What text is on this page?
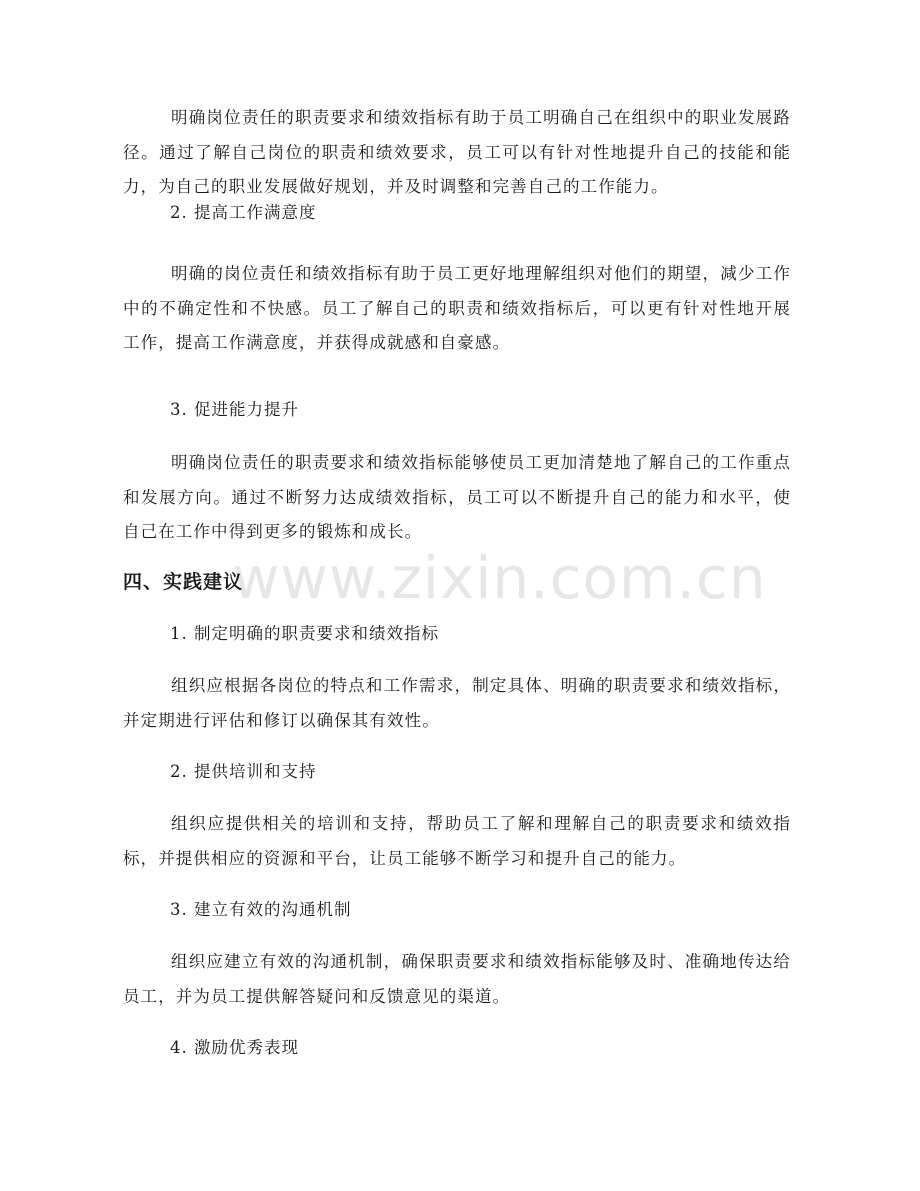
www.zixin.com.cn

明确岗位责任的职责要求和绩效指标有助于员工明确自己在组织中的职业发展路径。通过了解自己岗位的职责和绩效要求，员工可以有针对性地提升自己的技能和能力，为自己的职业发展做好规划，并及时调整和完善自己的工作能力。

2. 提高工作满意度

明确的岗位责任和绩效指标有助于员工更好地理解组织对他们的期望，减少工作中的不确定性和不快感。员工了解自己的职责和绩效指标后，可以更有针对性地开展工作，提高工作满意度，并获得成就感和自豪感。

3. 促进能力提升

明确岗位责任的职责要求和绩效指标能够使员工更加清楚地了解自己的工作重点和发展方向。通过不断努力达成绩效指标，员工可以不断提升自己的能力和水平，使自己在工作中得到更多的锻炼和成长。

四、实践建议

1. 制定明确的职责要求和绩效指标

组织应根据各岗位的特点和工作需求，制定具体、明确的职责要求和绩效指标，并定期进行评估和修订以确保其有效性。

2. 提供培训和支持

组织应提供相关的培训和支持，帮助员工了解和理解自己的职责要求和绩效指标，并提供相应的资源和平台，让员工能够不断学习和提升自己的能力。

3. 建立有效的沟通机制

组织应建立有效的沟通机制，确保职责要求和绩效指标能够及时、准确地传达给员工，并为员工提供解答疑问和反馈意见的渠道。

4. 激励优秀表现
